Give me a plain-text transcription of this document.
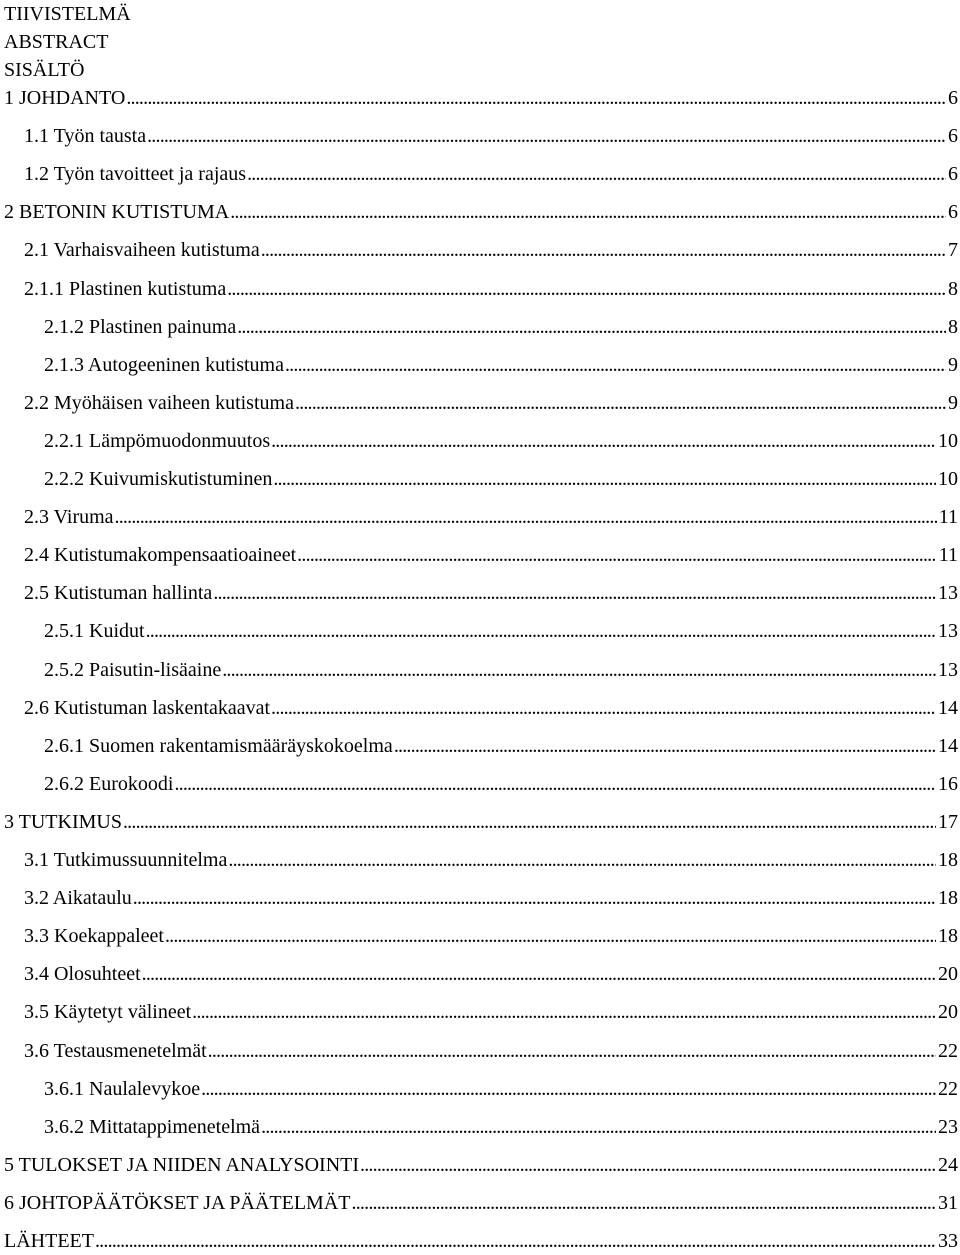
TIIVISTELMÄ
ABSTRACT
SISÄLTÖ
1 JOHDANTO . . .	6
1.1 Työn tausta . . .	6
1.2 Työn tavoitteet ja rajaus . . .	6
2 BETONIN KUTISTUMA . . .	6
2.1 Varhaisvaiheen kutistuma . . .	7
2.1.1 Plastinen kutistuma . . .	8
2.1.2 Plastinen painuma . . .	8
2.1.3 Autogeeninen kutistuma . . .	9
2.2 Myöhäisen vaiheen kutistuma . . .	9
2.2.1 Lämpömuodonmuutos . . .	10
2.2.2 Kuivumiskutistuminen . . .	10
2.3 Viruma . . .	11
2.4 Kutistumakompensaatioaineet . . .	11
2.5 Kutistuman hallinta . . .	13
2.5.1 Kuidut . . .	13
2.5.2 Paisutin-lisäaine . . .	13
2.6 Kutistuman laskentakaavat . . .	14
2.6.1 Suomen rakentamismääräyskokoelma . . .	14
2.6.2 Eurokoodi . . .	16
3 TUTKIMUS . . .	17
3.1 Tutkimussuunnitelma . . .	18
3.2 Aikataulu . . .	18
3.3 Koekappaleet . . .	18
3.4 Olosuhteet . . .	20
3.5 Käytetyt välineet . . .	20
3.6 Testausmenetelmät . . .	22
3.6.1 Naulalevykoe . . .	22
3.6.2 Mittatappimenetelmä . . .	23
5 TULOKSET JA NIIDEN ANALYSOINTI . . .	24
6 JOHTOPÄÄTÖKSET JA PÄÄTELMÄT . . .	31
LÄHTEET . . .	33
